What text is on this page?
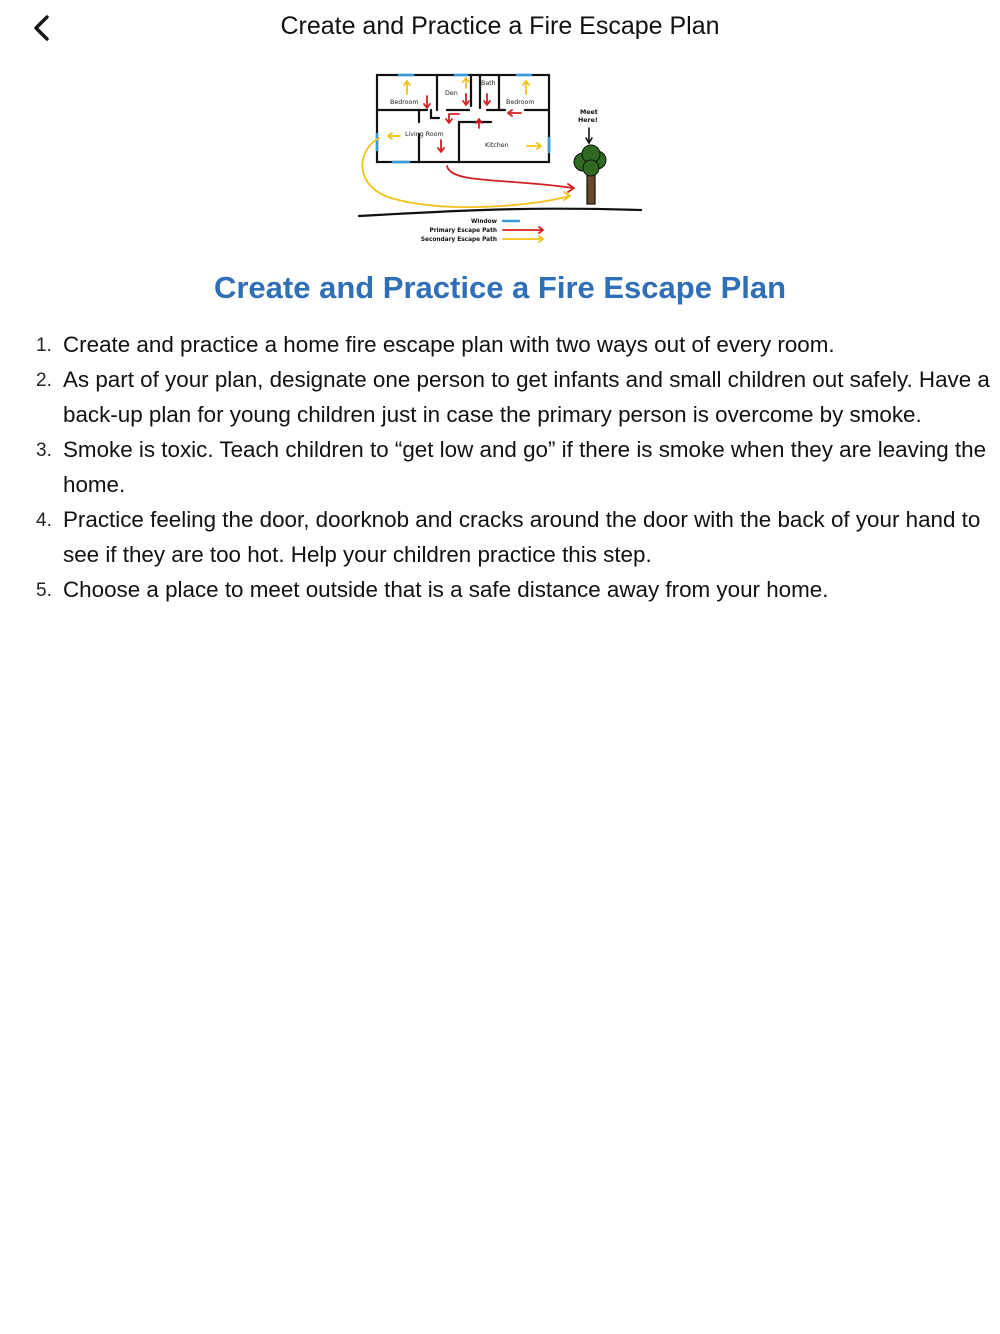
Create and Practice a Fire Escape Plan
Bedroom
Den
Bath
Bedroom
Living Room
Kitchen
Meet
Here!
Window
Primary Escape Path
Secondary Escape Path
Create and Practice a Fire Escape Plan
1. Create and practice a home fire escape plan with two ways out of every room.
2. As part of your plan, designate one person to get infants and small children out safely. Have a back-up plan for young children just in case the primary person is overcome by smoke.
3. Smoke is toxic. Teach children to “get low and go” if there is smoke when they are leaving the home.
4. Practice feeling the door, doorknob and cracks around the door with the back of your hand to see if they are too hot. Help your children practice this step.
5. Choose a place to meet outside that is a safe distance away from your home.
